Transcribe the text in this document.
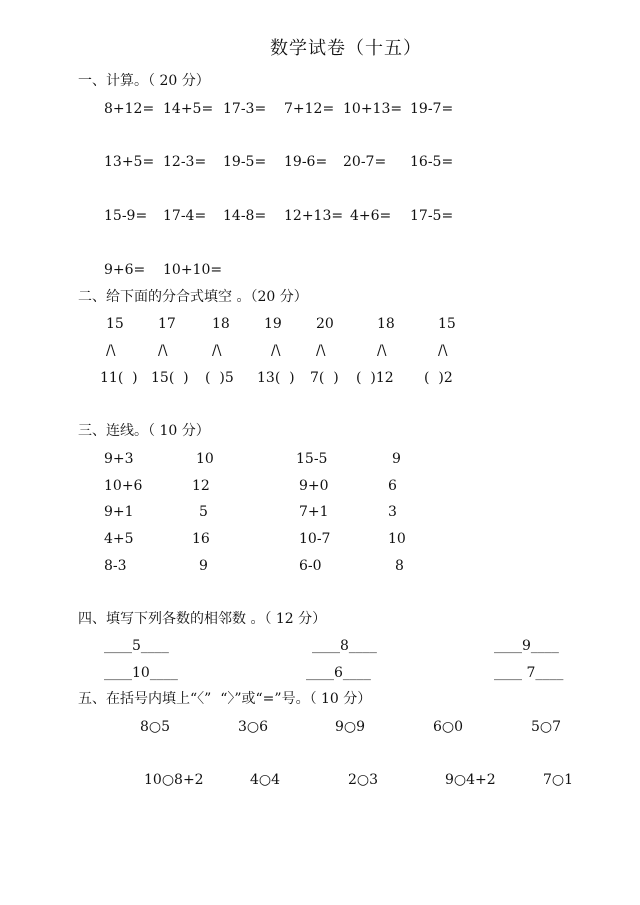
数学试卷（十五）
一、计算。（ 20 分）
8+12= 14+5= 17-3= 7+12= 10+13= 19-7=
13+5= 12-3= 19-5= 19-6= 20-7= 16-5=
15-9= 17-4= 14-8= 12+13= 4+6= 17-5=
9+6= 10+10=
二、给下面的分合式填空 。（20 分）
15 17	18 19 20	18	15
/\	/\	/\	/\	/\	/\	/\
11(  ) 15(  ) (  )5 13(  ) 7(  ) (  )12 (  )2
三、连线。（ 10 分）
9+3	10	15-5	9
10+6	12	9+0	6
9+1	5	7+1	3
4+5	16	10-7	10
8-3	9	6-0	8
四、填写下列各数的相邻数 。（ 12 分）
____5____	____8____	____9____
____10____	____6____	____ 7____
五、在括号内填上“〈”  “〉”或“=”号。（ 10 分）
8○5	3○6	9○9	6○0	5○7
10○8+2	4○4	2○3	9○4+2	7○1
